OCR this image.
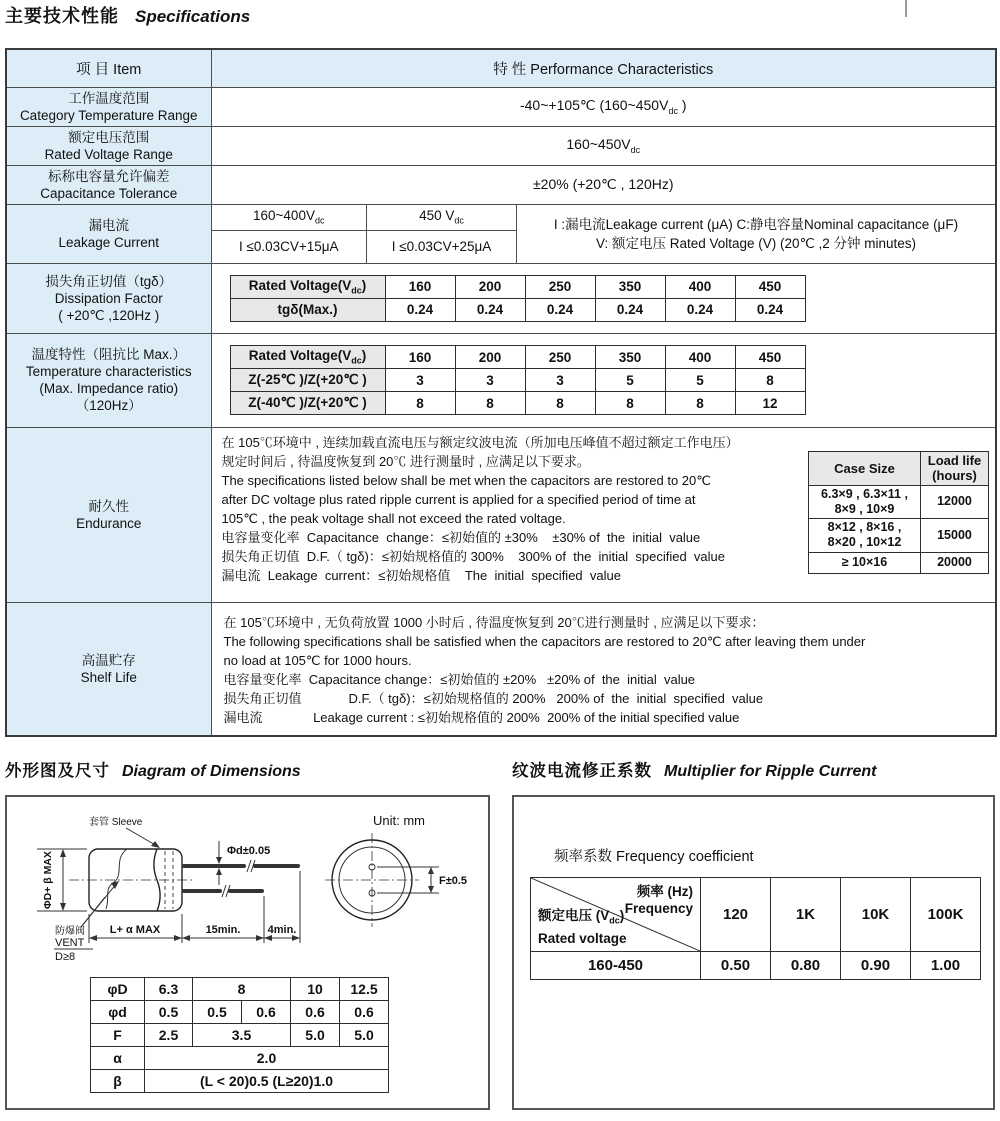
主要技术性能 Specifications
项 目 Item	特 性 Performance Characteristics

工作温度范围
Category Temperature Range
	-40~+105℃ ($160\sim 450V_{dc}$ )

额定电压范围
Rated Voltage Range
	$160\sim 450V_{dc}$

标称电容量允许偏差
Capacitance Tolerance
	±20% (+20℃ , 120Hz)

漏电流
Leakage Current

$160\sim 400V_{dc}$	450 $V_{dc}$	I :漏电流Leakage current (μA) C:静电容量Nominal capacitance (μF)
V: 额定电压 Rated Voltage (V) (20℃ ,2 分钟 minutes)

I ≤0.03CV+15μA	I ≤0.03CV+25μA

损失角正切值（tgδ）
Dissipation Factor
( +20℃ ,120Hz )

Rated $Voltage(V_{dc})$	160	200	250	350	400	450
tgδ(Max.)	0.24	0.24	0.24	0.24	0.24	0.24

温度特性（阻抗比 Max.）
Temperature characteristics
(Max. Impedance ratio)
（120Hz）

Rated $Voltage(V_{dc})$	160	200	250	350	400	450
Z(-25℃ )/Z(+20℃ )	3	3	3	5	5	8
Z(-40℃ )/Z(+20℃ )	8	8	8	8	8	12

耐久性
Endurance

在 105℃环境中 , 连续加载直流电压与额定纹波电流（所加电压峰值不超过额定工作电压）
规定时间后 , 待温度恢复到 20℃ 进行测量时 , 应满足以下要求。
The specifications listed below shall be met when the capacitors are restored to 20℃
after DC voltage plus rated ripple current is applied for a specified period of time at
105℃ , the peak voltage shall not exceed the rated voltage.
电容量变化率  Capacitance  change：≤初始值的 ±30%    ±30% of  the  initial  value
损失角正切值  D.F.（ tgδ)：≤初始规格值的 300%    300% of  the  initial  specified  value
漏电流  Leakage  current：≤初始规格值    The  initial  specified  value
Case Size	Load life
(hours)

6.3×9 , 6.3×11 ,
8×9 , 10×9
	12000

8×12 , 8×16 ,
8×20 , 10×12
	15000
≥ 10×16	20000

高温贮存
Shelf Life

在 105℃环境中 , 无负荷放置 1000 小时后 , 待温度恢复到 20℃进行测量时 , 应满足以下要求：
The following specifications shall be satisfied when the capacitors are restored to 20℃ after leaving them under
no load at 105℃ for 1000 hours.
电容量变化率  Capacitance change：≤初始值的 ±20%   ±20% of  the  initial  value
损失角正切值             D.F.（ tgδ)：≤初始规格值的 200%   200% of  the  initial  specified  value
漏电流              Leakage current : ≤初始规格值的 200%  200% of the initial specified value
外形图及尺寸 Diagram of Dimensions	纹波电流修正系数 Multiplier for Ripple Current
套管 Sleeve	Unit: mm
Φd±0.05
ΦD+ β MAX
防爆阀
VENT
D≥8
L+ α MAX	15min. 4min.
F±0.5
φD	6.3	8		10	12.5
φd	0.5	0.5	0.6	0.6	0.6
F	2.5	3.5		5.0	5.0
α	2.0				
β	(L < 20)0.5 (L≥20)1.0				
频率系数 Frequency coefficient
频率 (Hz)
Frequency
额定电压 $(V_{dc})$
Rated voltage	120	1K	10K	100K
160-450	0.50	0.80	0.90	1.00
